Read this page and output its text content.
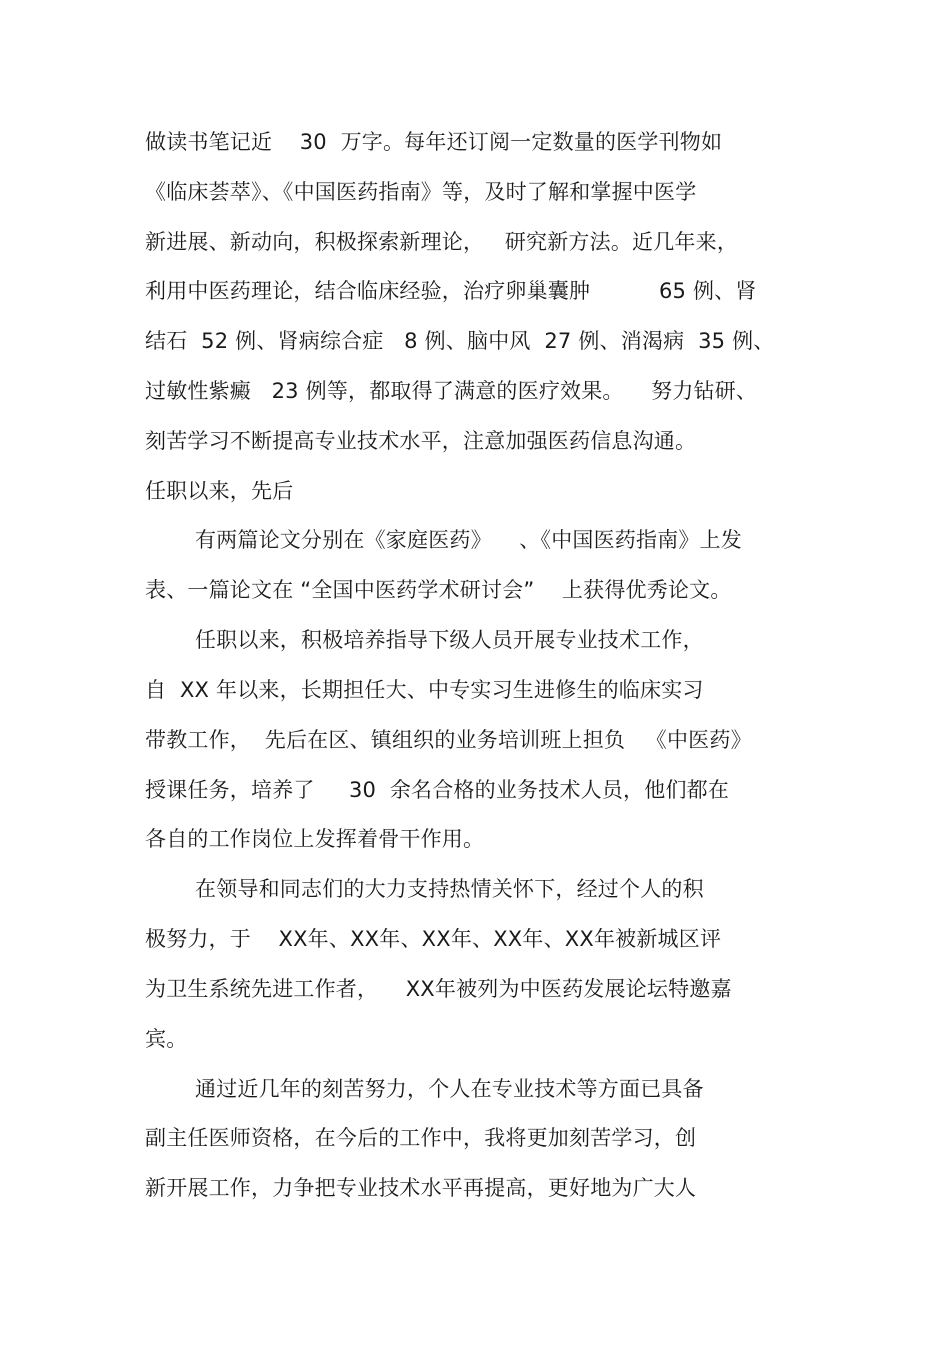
做读书笔记近    30  万字。每年还订阅一定数量的医学刊物如
《临床荟萃》、《中国医药指南》等，及时了解和掌握中医学
新进展、新动向，积极探索新理论，   研究新方法。近几年来，
利用中医药理论，结合临床经验，治疗卵巢囊肿          65 例、肾
结石  52 例、肾病综合症   8 例、脑中风  27 例、消渴病  35 例、
过敏性紫癜   23 例等，都取得了满意的医疗效果。    努力钻研、
刻苦学习不断提高专业技术水平，注意加强医药信息沟通。
任职以来，先后
有两篇论文分别在《家庭医药》    、《中国医药指南》上发
表、一篇论文在 “全国中医药学术研讨会”    上获得优秀论文。
任职以来，积极培养指导下级人员开展专业技术工作，
自  XX 年以来，长期担任大、中专实习生进修生的临床实习
带教工作，  先后在区、镇组织的业务培训班上担负   《中医药》
授课任务，培养了     30  余名合格的业务技术人员，他们都在
各自的工作岗位上发挥着骨干作用。
在领导和同志们的大力支持热情关怀下，经过个人的积
极努力，于    XX年、XX年、XX年、XX年、XX年被新城区评
为卫生系统先进工作者，    XX年被列为中医药发展论坛特邀嘉
宾。
通过近几年的刻苦努力，个人在专业技术等方面已具备
副主任医师资格，在今后的工作中，我将更加刻苦学习，创
新开展工作，力争把专业技术水平再提高，更好地为广大人
